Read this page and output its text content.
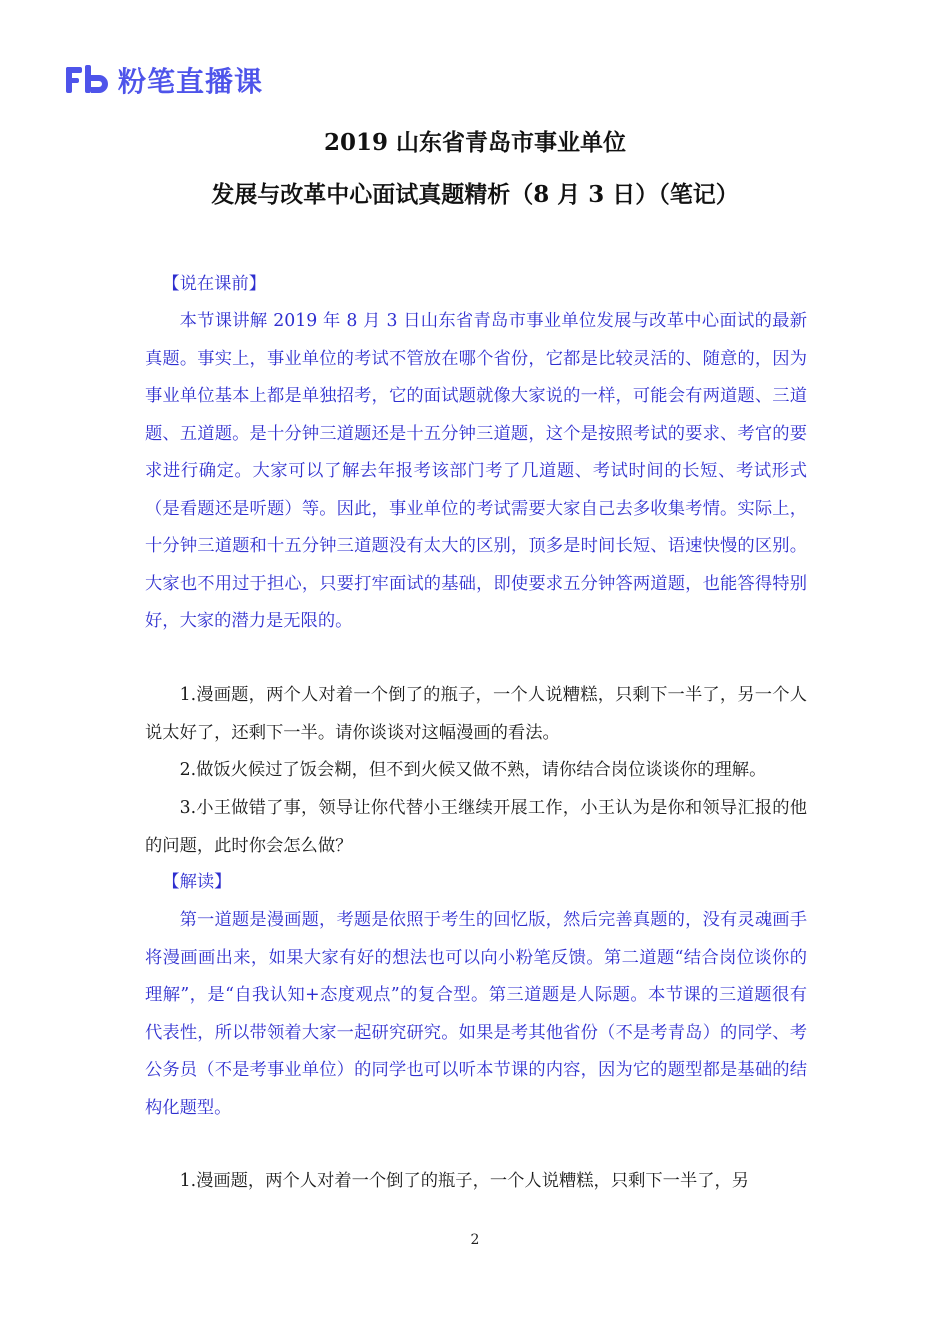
粉笔直播课
2019 山东省青岛市事业单位
发展与改革中心面试真题精析（8 月 3 日）（笔记）

【说在课前】

本节课讲解 2019 年 8 月 3 日山东省青岛市事业单位发展与改革中心面试的最新真题。事实上，事业单位的考试不管放在哪个省份，它都是比较灵活的、随意的，因为事业单位基本上都是单独招考，它的面试题就像大家说的一样，可能会有两道题、三道题、五道题。是十分钟三道题还是十五分钟三道题，这个是按照考试的要求、考官的要求进行确定。大家可以了解去年报考该部门考了几道题、考试时间的长短、考试形式（是看题还是听题）等。因此，事业单位的考试需要大家自己去多收集考情。实际上，十分钟三道题和十五分钟三道题没有太大的区别，顶多是时间长短、语速快慢的区别。大家也不用过于担心，只要打牢面试的基础，即使要求五分钟答两道题，也能答得特别好，大家的潜力是无限的。

1.漫画题，两个人对着一个倒了的瓶子，一个人说糟糕，只剩下一半了，另一个人说太好了，还剩下一半。请你谈谈对这幅漫画的看法。

2.做饭火候过了饭会糊，但不到火候又做不熟，请你结合岗位谈谈你的理解。

3.小王做错了事，领导让你代替小王继续开展工作，小王认为是你和领导汇报的他的问题，此时你会怎么做？

【解读】

第一道题是漫画题，考题是依照于考生的回忆版，然后完善真题的，没有灵魂画手将漫画画出来，如果大家有好的想法也可以向小粉笔反馈。第二道题“结合岗位谈你的理解”，是“自我认知+态度观点”的复合型。第三道题是人际题。本节课的三道题很有代表性，所以带领着大家一起研究研究。如果是考其他省份（不是考青岛）的同学、考公务员（不是考事业单位）的同学也可以听本节课的内容，因为它的题型都是基础的结构化题型。

1.漫画题，两个人对着一个倒了的瓶子，一个人说糟糕，只剩下一半了，另

2
